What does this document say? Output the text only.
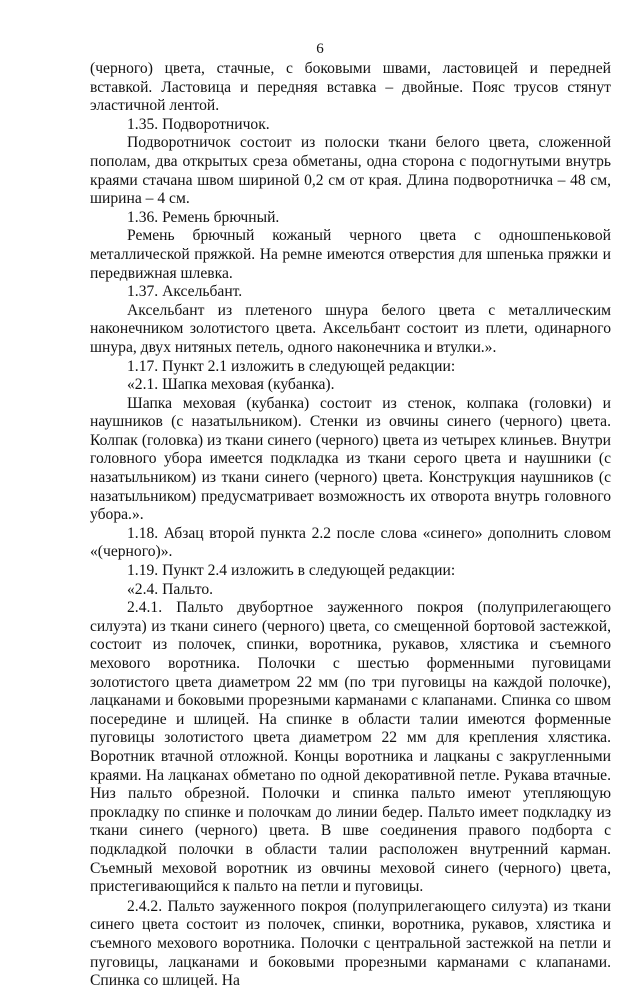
6

(черного) цвета, стачные, с боковыми швами, ластовицей и передней вставкой. Ластовица и передняя вставка – двойные. Пояс трусов стянут эластичной лентой.

1.35. Подворотничок.

Подворотничок состоит из полоски ткани белого цвета, сложенной пополам, два открытых среза обметаны, одна сторона с подогнутыми внутрь краями стачана швом шириной 0,2 см от края. Длина подворотничка – 48 см, ширина – 4 см.

1.36. Ремень брючный.

Ремень брючный кожаный черного цвета с одношпеньковой металлической пряжкой. На ремне имеются отверстия для шпенька пряжки и передвижная шлевка.

1.37. Аксельбант.

Аксельбант из плетеного шнура белого цвета с металлическим наконечником золотистого цвета. Аксельбант состоит из плети, одинарного шнура, двух нитяных петель, одного наконечника и втулки.».

1.17. Пункт 2.1 изложить в следующей редакции:

«2.1. Шапка меховая (кубанка).

Шапка меховая (кубанка) состоит из стенок, колпака (головки) и наушников (с назатыльником). Стенки из овчины синего (черного) цвета. Колпак (головка) из ткани синего (черного) цвета из четырех клиньев. Внутри головного убора имеется подкладка из ткани серого цвета и наушники (с назатыльником) из ткани синего (черного) цвета. Конструкция наушников (с назатыльником) предусматривает возможность их отворота внутрь головного убора.».

1.18. Абзац второй пункта 2.2 после слова «синего» дополнить словом «(черного)».

1.19. Пункт 2.4 изложить в следующей редакции:

«2.4. Пальто.

2.4.1. Пальто двубортное зауженного покроя (полуприлегающего силуэта) из ткани синего (черного) цвета, со смещенной бортовой застежкой, состоит из полочек, спинки, воротника, рукавов, хлястика и съемного мехового воротника. Полочки с шестью форменными пуговицами золотистого цвета диаметром 22 мм (по три пуговицы на каждой полочке), лацканами и боковыми прорезными карманами с клапанами. Спинка со швом посередине и шлицей. На спинке в области талии имеются форменные пуговицы золотистого цвета диаметром 22 мм для крепления хлястика. Воротник втачной отложной. Концы воротника и лацканы с закругленными краями. На лацканах обметано по одной декоративной петле. Рукава втачные. Низ пальто обрезной. Полочки и спинка пальто имеют утепляющую прокладку по спинке и полочкам до линии бедер. Пальто имеет подкладку из ткани синего (черного) цвета. В шве соединения правого подборта с подкладкой полочки в области талии расположен внутренний карман. Съемный меховой воротник из овчины меховой синего (черного) цвета, пристегивающийся к пальто на петли и пуговицы.

2.4.2. Пальто зауженного покроя (полуприлегающего силуэта) из ткани синего цвета состоит из полочек, спинки, воротника, рукавов, хлястика и съемного мехового воротника. Полочки с центральной застежкой на петли и пуговицы, лацканами и боковыми прорезными карманами с клапанами. Спинка со шлицей. На
